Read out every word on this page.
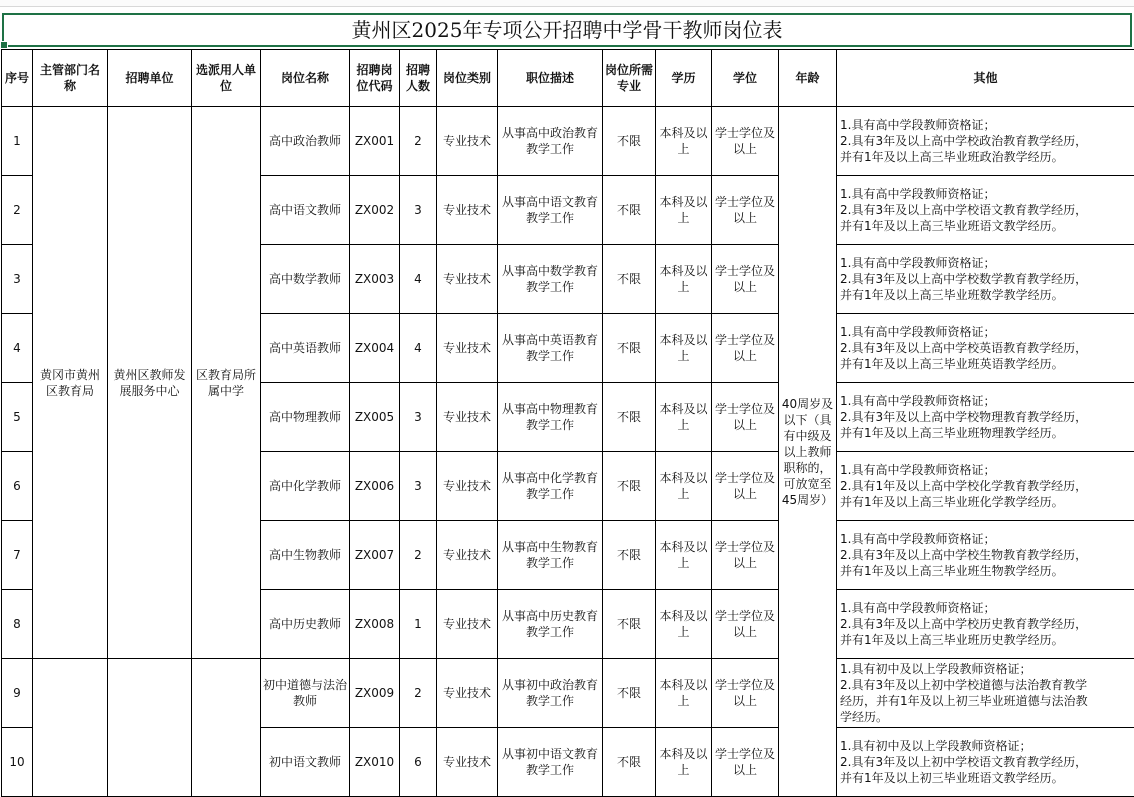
黄州区2025年专项公开招聘中学骨干教师岗位表
序号	主管部门名称	招聘单位	选派用人单位	岗位名称	招聘岗位代码	招聘人数	岗位类别	职位描述	岗位所需专业	学历	学位	年龄	其他
1	黄冈市黄州区教育局	黄州区教师发展服务中心	区教育局所属中学	高中政治教师	ZX001	2	专业技术	从事高中政治教育教学工作	不限	本科及以上	学士学位及以上	40周岁及以下（具有中级及以上教师职称的，可放宽至45周岁）	1.具有高中学段教师资格证；
2.具有3年及以上高中学校政治教育教学经历，
并有1年及以上高三毕业班政治教学经历。

2				高中语文教师	ZX002	3	专业技术	从事高中语文教育教学工作	不限	本科及以上	学士学位及以上		1.具有高中学段教师资格证；
2.具有3年及以上高中学校语文教育教学经历，
并有1年及以上高三毕业班语文教学经历。

3				高中数学教师	ZX003	4	专业技术	从事高中数学教育教学工作	不限	本科及以上	学士学位及以上		1.具有高中学段教师资格证；
2.具有3年及以上高中学校数学教育教学经历，
并有1年及以上高三毕业班数学教学经历。

4				高中英语教师	ZX004	4	专业技术	从事高中英语教育教学工作	不限	本科及以上	学士学位及以上		1.具有高中学段教师资格证；
2.具有3年及以上高中学校英语教育教学经历，
并有1年及以上高三毕业班英语教学经历。

5				高中物理教师	ZX005	3	专业技术	从事高中物理教育教学工作	不限	本科及以上	学士学位及以上		1.具有高中学段教师资格证；
2.具有3年及以上高中学校物理教育教学经历，
并有1年及以上高三毕业班物理教学经历。

6				高中化学教师	ZX006	3	专业技术	从事高中化学教育教学工作	不限	本科及以上	学士学位及以上		1.具有高中学段教师资格证；
2.具有1年及以上高中学校化学教育教学经历，
并有1年及以上高三毕业班化学教学经历。

7				高中生物教师	ZX007	2	专业技术	从事高中生物教育教学工作	不限	本科及以上	学士学位及以上		1.具有高中学段教师资格证；
2.具有3年及以上高中学校生物教育教学经历，
并有1年及以上高三毕业班生物教学经历。

8				高中历史教师	ZX008	1	专业技术	从事高中历史教育教学工作	不限	本科及以上	学士学位及以上		1.具有高中学段教师资格证；
2.具有3年及以上高中学校历史教育教学经历，
并有1年及以上高三毕业班历史教学经历。

9				初中道德与法治教师	ZX009	2	专业技术	从事初中政治教育教学工作	不限	本科及以上	学士学位及以上		1.具有初中及以上学段教师资格证；
2.具有3年及以上初中学校道德与法治教育教学
经历，并有1年及以上初三毕业班道德与法治教
学经历。

10				初中语文教师	ZX010	6	专业技术	从事初中语文教育教学工作	不限	本科及以上	学士学位及以上		1.具有初中及以上学段教师资格证；
2.具有3年及以上初中学校语文教育教学经历，
并有1年及以上初三毕业班语文教学经历。
